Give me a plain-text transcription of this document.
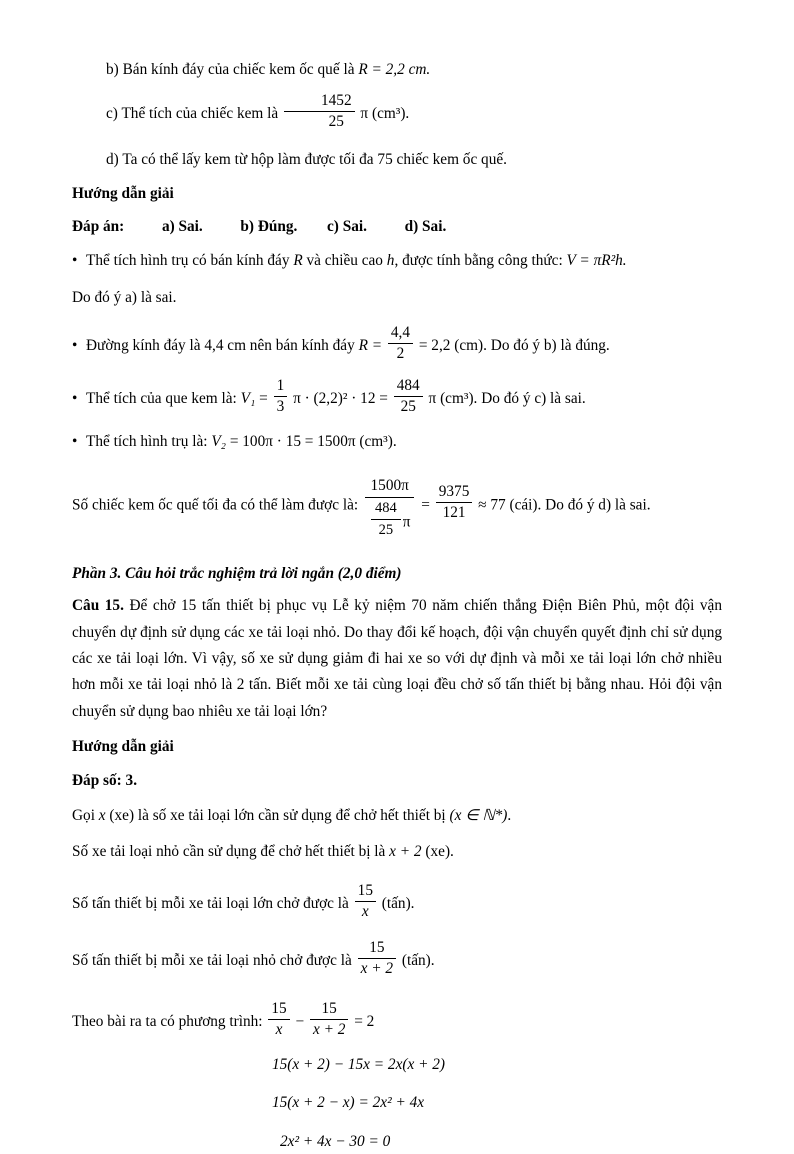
b) Bán kính đáy của chiếc kem ốc quế là R = 2,2 cm.
c) Thể tích của chiếc kem là $\frac{1452}{25}$ π (cm³).
d) Ta có thể lấy kem từ hộp làm được tối đa 75 chiếc kem ốc quế.
Hướng dẫn giải
Đáp án: a) Sai. b) Đúng. c) Sai. d) Sai.
• Thể tích hình trụ có bán kính đáy R và chiều cao h, được tính bằng công thức: V = πR²h.
Do đó ý a) là sai.
• Đường kính đáy là 4,4 cm nên bán kính đáy $R = \frac{4,4}{2} = 2,2$ (cm). Do đó ý b) là đúng.
• Thể tích của que kem là: $V_1 = \frac{1}{3}$ $\pi \cdot (2,2)^2 \cdot 12 = \frac{484}{25}$ π (cm³). Do đó ý c) là sai.
• Thể tích hình trụ là: V₂ = 100π · 15 = 1500π (cm³).
Số chiếc kem ốc quế tối đa có thể làm được là: $\frac{1500\pi}{\frac{484}{25} \pi} = \frac{9375}{121} \approx 77$ (cái). Do đó ý d) là sai.
Phần 3. Câu hỏi trắc nghiệm trả lời ngắn (2,0 điểm)
Câu 15. Để chở 15 tấn thiết bị phục vụ Lễ kỷ niệm 70 năm chiến thắng Điện Biên Phủ, một đội vận chuyển dự định sử dụng các xe tải loại nhỏ. Do thay đổi kế hoạch, đội vận chuyển quyết định chỉ sử dụng các xe tải loại lớn. Vì vậy, số xe sử dụng giảm đi hai xe so với dự định và mỗi xe tải loại lớn chở nhiều hơn mỗi xe tải loại nhỏ là 2 tấn. Biết mỗi xe tải cùng loại đều chở số tấn thiết bị bằng nhau. Hỏi đội vận chuyển sử dụng bao nhiêu xe tải loại lớn?
Hướng dẫn giải
Đáp số: 3.
Gọi x (xe) là số xe tải loại lớn cần sử dụng để chở hết thiết bị (x ∈ ℕ*).
Số xe tải loại nhỏ cần sử dụng để chở hết thiết bị là x + 2 (xe).
Số tấn thiết bị mỗi xe tải loại lớn chở được là $\frac{15}{x}$ (tấn).
Số tấn thiết bị mỗi xe tải loại nhỏ chở được là $\frac{15}{x + 2}$ (tấn).
Theo bài ra ta có phương trình: $\frac{15}{x} - \frac{15}{x + 2} = 2$
15(x + 2) − 15x = 2x(x + 2)
15(x + 2 − x) = 2x² + 4x
2x² + 4x − 30 = 0
